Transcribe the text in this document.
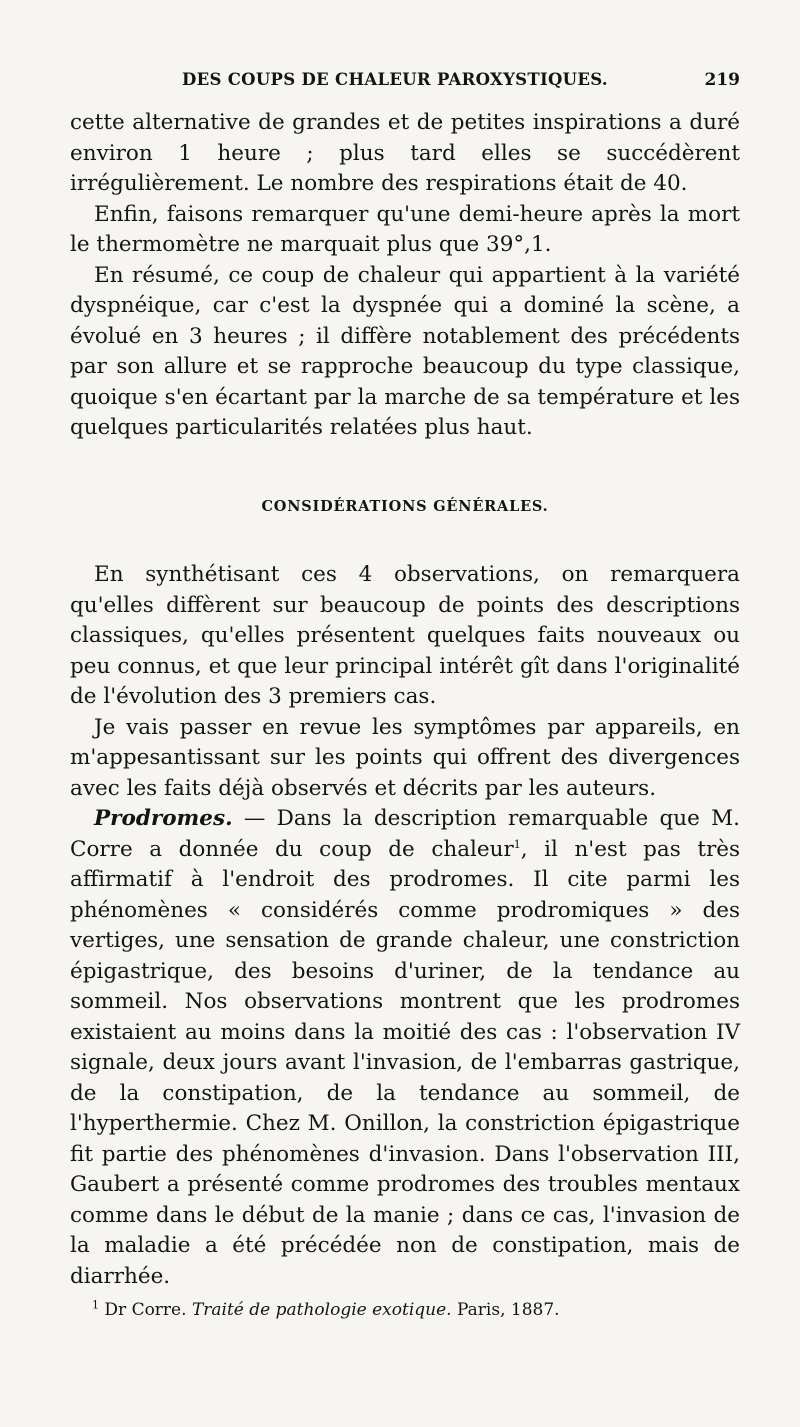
DES COUPS DE CHALEUR PAROXYSTIQUES.	219

cette alternative de grandes et de petites inspirations a duré environ 1 heure ; plus tard elles se succédèrent irrégulièrement. Le nombre des respirations était de 40.

Enfin, faisons remarquer qu'une demi-heure après la mort le thermomètre ne marquait plus que 39°,1.

En résumé, ce coup de chaleur qui appartient à la variété dyspnéique, car c'est la dyspnée qui a dominé la scène, a évolué en 3 heures ; il diffère notablement des précédents par son allure et se rapproche beaucoup du type classique, quoique s'en écartant par la marche de sa température et les quelques particularités relatées plus haut.

CONSIDÉRATIONS GÉNÉRALES.

En synthétisant ces 4 observations, on remarquera qu'elles diffèrent sur beaucoup de points des descriptions classiques, qu'elles présentent quelques faits nouveaux ou peu connus, et que leur principal intérêt gît dans l'originalité de l'évolution des 3 premiers cas.

Je vais passer en revue les symptômes par appareils, en m'appesantissant sur les points qui offrent des divergences avec les faits déjà observés et décrits par les auteurs.

Prodromes. — Dans la description remarquable que M. Corre a donnée du coup de chaleur$^1$, il n'est pas très affirmatif à l'endroit des prodromes. Il cite parmi les phénomènes « considérés comme prodromiques » des vertiges, une sensation de grande chaleur, une constriction épigastrique, des besoins d'uriner, de la tendance au sommeil. Nos observations montrent que les prodromes existaient au moins dans la moitié des cas : l'observation IV signale, deux jours avant l'invasion, de l'embarras gastrique, de la constipation, de la tendance au sommeil, de l'hyperthermie. Chez M. Onillon, la constriction épigastrique fit partie des phénomènes d'invasion. Dans l'observation III, Gaubert a présenté comme prodromes des troubles mentaux comme dans le début de la manie ; dans ce cas, l'invasion de la maladie a été précédée non de constipation, mais de diarrhée.

$^1$ Dr Corre. Traité de pathologie exotique. Paris, 1887.
